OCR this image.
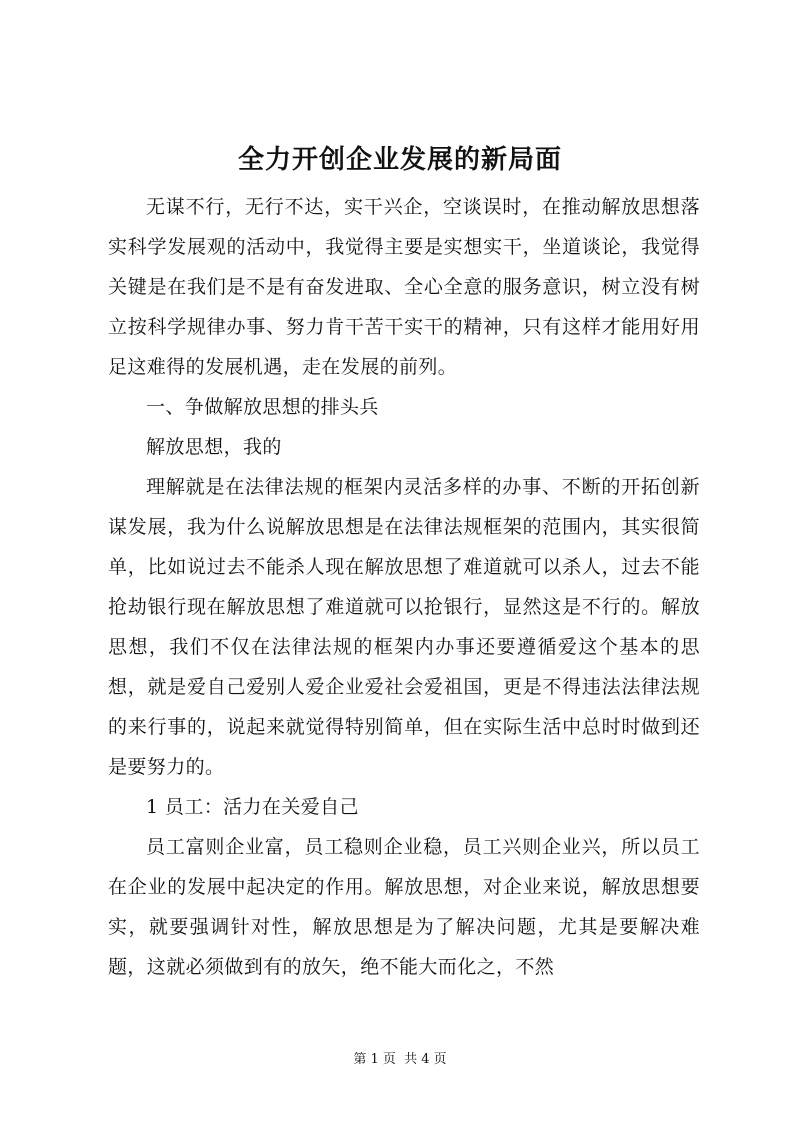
全力开创企业发展的新局面

无谋不行，无行不达，实干兴企，空谈误时，在推动解放思想落实科学发展观的活动中，我觉得主要是实想实干，坐道谈论，我觉得关键是在我们是不是有奋发进取、全心全意的服务意识，树立没有树立按科学规律办事、努力肯干苦干实干的精神，只有这样才能用好用足这难得的发展机遇，走在发展的前列。

一、争做解放思想的排头兵

解放思想，我的

理解就是在法律法规的框架内灵活多样的办事、不断的开拓创新谋发展，我为什么说解放思想是在法律法规框架的范围内，其实很简单，比如说过去不能杀人现在解放思想了难道就可以杀人，过去不能抢劫银行现在解放思想了难道就可以抢银行，显然这是不行的。解放思想，我们不仅在法律法规的框架内办事还要遵循爱这个基本的思想，就是爱自己爱别人爱企业爱社会爱祖国，更是不得违法法律法规的来行事的，说起来就觉得特别简单，但在实际生活中总时时做到还是要努力的。

1 员工：活力在关爱自己

员工富则企业富，员工稳则企业稳，员工兴则企业兴，所以员工在企业的发展中起决定的作用。解放思想，对企业来说，解放思想要实，就要强调针对性，解放思想是为了解决问题，尤其是要解决难题，这就必须做到有的放矢，绝不能大而化之，不然

第 1 页  共 4 页
